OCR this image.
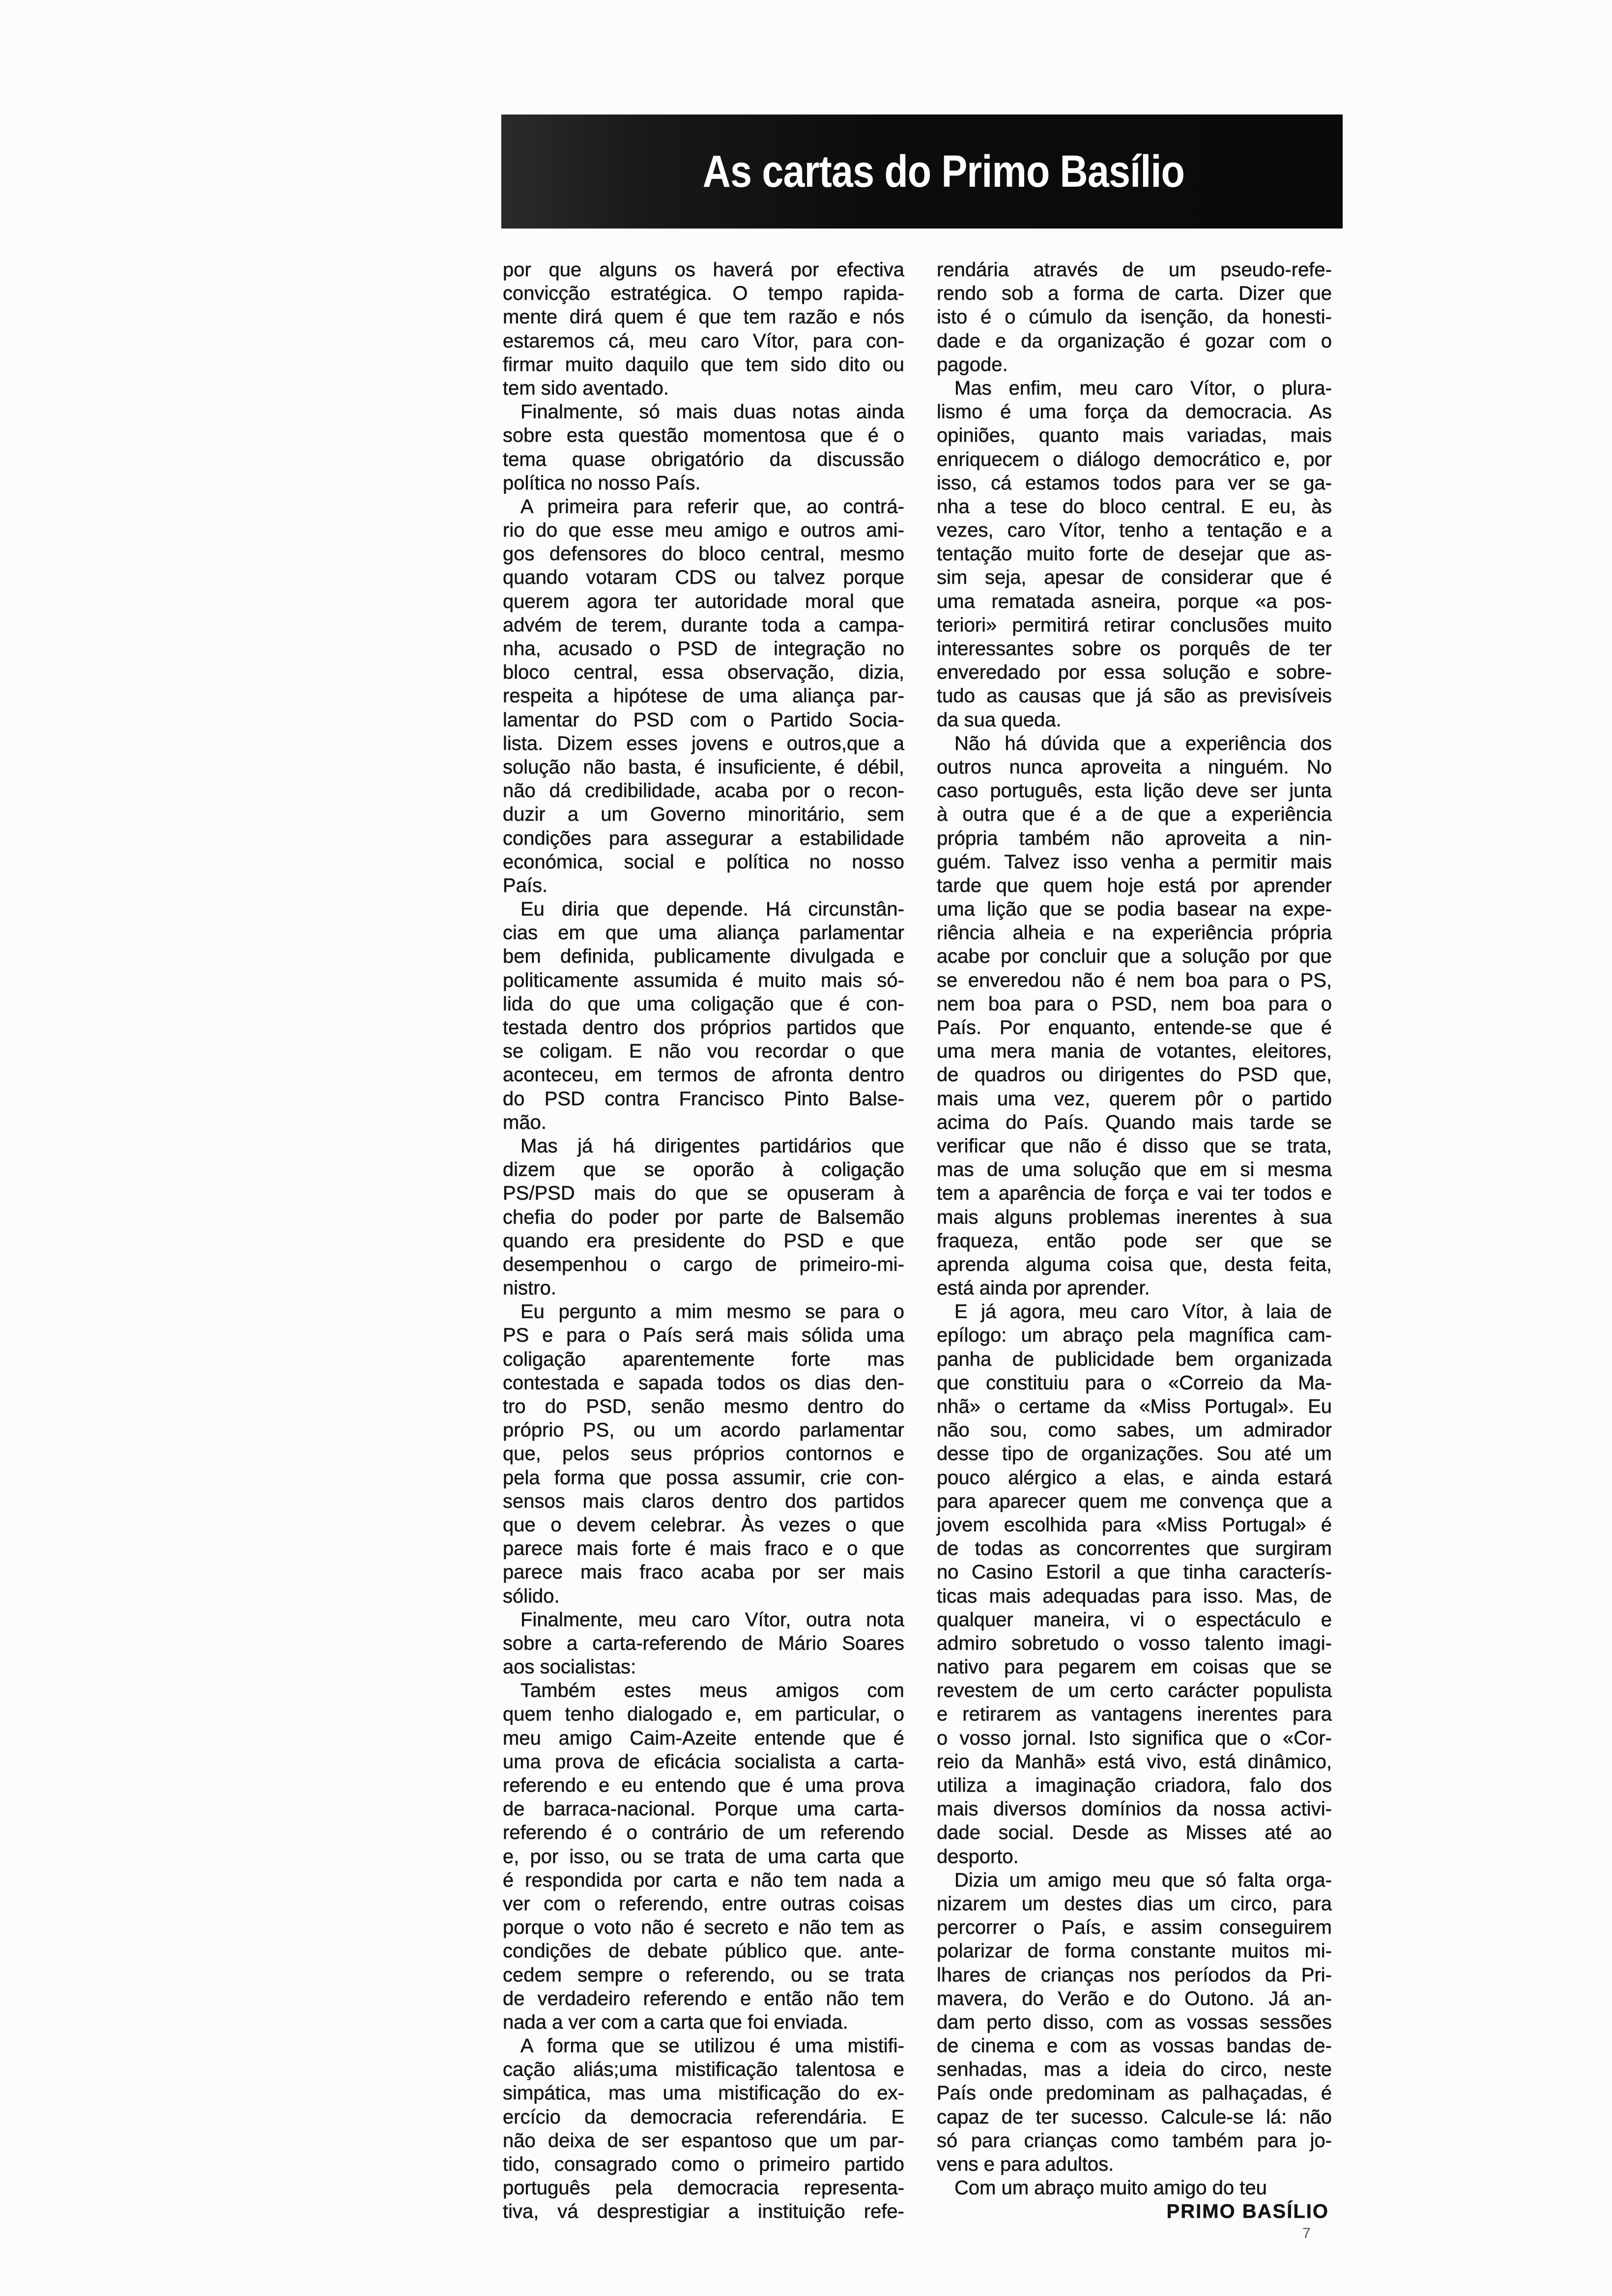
As cartas do Primo Basílio
por que alguns os haverá por efectiva
convicção estratégica. O tempo rapida-
mente dirá quem é que tem razão e nós
estaremos cá, meu caro Vítor, para con-
firmar muito daquilo que tem sido dito ou
tem sido aventado.
Finalmente, só mais duas notas ainda
sobre esta questão momentosa que é o
tema quase obrigatório da discussão
política no nosso País.
A primeira para referir que, ao contrá-
rio do que esse meu amigo e outros ami-
gos defensores do bloco central, mesmo
quando votaram CDS ou talvez porque
querem agora ter autoridade moral que
advém de terem, durante toda a campa-
nha, acusado o PSD de integração no
bloco central, essa observação, dizia,
respeita a hipótese de uma aliança par-
lamentar do PSD com o Partido Socia-
lista. Dizem esses jovens e outros,que a
solução não basta, é insuficiente, é débil,
não dá credibilidade, acaba por o recon-
duzir a um Governo minoritário, sem
condições para assegurar a estabilidade
económica, social e política no nosso
País.
Eu diria que depende. Há circunstân-
cias em que uma aliança parlamentar
bem definida, publicamente divulgada e
politicamente assumida é muito mais só-
lida do que uma coligação que é con-
testada dentro dos próprios partidos que
se coligam. E não vou recordar o que
aconteceu, em termos de afronta dentro
do PSD contra Francisco Pinto Balse-
mão.
Mas já há dirigentes partidários que
dizem que se oporão à coligação
PS/PSD mais do que se opuseram à
chefia do poder por parte de Balsemão
quando era presidente do PSD e que
desempenhou o cargo de primeiro-mi-
nistro.
Eu pergunto a mim mesmo se para o
PS e para o País será mais sólida uma
coligação aparentemente forte mas
contestada e sapada todos os dias den-
tro do PSD, senão mesmo dentro do
próprio PS, ou um acordo parlamentar
que, pelos seus próprios contornos e
pela forma que possa assumir, crie con-
sensos mais claros dentro dos partidos
que o devem celebrar. Às vezes o que
parece mais forte é mais fraco e o que
parece mais fraco acaba por ser mais
sólido.
Finalmente, meu caro Vítor, outra nota
sobre a carta-referendo de Mário Soares
aos socialistas:
Também estes meus amigos com
quem tenho dialogado e, em particular, o
meu amigo Caim-Azeite entende que é
uma prova de eficácia socialista a carta-
referendo e eu entendo que é uma prova
de barraca-nacional. Porque uma carta-
referendo é o contrário de um referendo
e, por isso, ou se trata de uma carta que
é respondida por carta e não tem nada a
ver com o referendo, entre outras coisas
porque o voto não é secreto e não tem as
condições de debate público que. ante-
cedem sempre o referendo, ou se trata
de verdadeiro referendo e então não tem
nada a ver com a carta que foi enviada.
A forma que se utilizou é uma mistifi-
cação aliás;uma mistificação talentosa e
simpática, mas uma mistificação do ex-
ercício da democracia referendária. E
não deixa de ser espantoso que um par-
tido, consagrado como o primeiro partido
português pela democracia representa-
tiva, vá desprestigiar a instituição refe-
rendária através de um pseudo-refe-
rendo sob a forma de carta. Dizer que
isto é o cúmulo da isenção, da honesti-
dade e da organização é gozar com o
pagode.
Mas enfim, meu caro Vítor, o plura-
lismo é uma força da democracia. As
opiniões, quanto mais variadas, mais
enriquecem o diálogo democrático e, por
isso, cá estamos todos para ver se ga-
nha a tese do bloco central. E eu, às
vezes, caro Vítor, tenho a tentação e a
tentação muito forte de desejar que as-
sim seja, apesar de considerar que é
uma rematada asneira, porque «a pos-
teriori» permitirá retirar conclusões muito
interessantes sobre os porquês de ter
enveredado por essa solução e sobre-
tudo as causas que já são as previsíveis
da sua queda.
Não há dúvida que a experiência dos
outros nunca aproveita a ninguém. No
caso português, esta lição deve ser junta
à outra que é a de que a experiência
própria também não aproveita a nin-
guém. Talvez isso venha a permitir mais
tarde que quem hoje está por aprender
uma lição que se podia basear na expe-
riência alheia e na experiência própria
acabe por concluir que a solução por que
se enveredou não é nem boa para o PS,
nem boa para o PSD, nem boa para o
País. Por enquanto, entende-se que é
uma mera mania de votantes, eleitores,
de quadros ou dirigentes do PSD que,
mais uma vez, querem pôr o partido
acima do País. Quando mais tarde se
verificar que não é disso que se trata,
mas de uma solução que em si mesma
tem a aparência de força e vai ter todos e
mais alguns problemas inerentes à sua
fraqueza, então pode ser que se
aprenda alguma coisa que, desta feita,
está ainda por aprender.
E já agora, meu caro Vítor, à laia de
epílogo: um abraço pela magnífica cam-
panha de publicidade bem organizada
que constituiu para o «Correio da Ma-
nhã» o certame da «Miss Portugal». Eu
não sou, como sabes, um admirador
desse tipo de organizações. Sou até um
pouco alérgico a elas, e ainda estará
para aparecer quem me convença que a
jovem escolhida para «Miss Portugal» é
de todas as concorrentes que surgiram
no Casino Estoril a que tinha caracterís-
ticas mais adequadas para isso. Mas, de
qualquer maneira, vi o espectáculo e
admiro sobretudo o vosso talento imagi-
nativo para pegarem em coisas que se
revestem de um certo carácter populista
e retirarem as vantagens inerentes para
o vosso jornal. Isto significa que o «Cor-
reio da Manhã» está vivo, está dinâmico,
utiliza a imaginação criadora, falo dos
mais diversos domínios da nossa activi-
dade social. Desde as Misses até ao
desporto.
Dizia um amigo meu que só falta orga-
nizarem um destes dias um circo, para
percorrer o País, e assim conseguirem
polarizar de forma constante muitos mi-
lhares de crianças nos períodos da Pri-
mavera, do Verão e do Outono. Já an-
dam perto disso, com as vossas sessões
de cinema e com as vossas bandas de-
senhadas, mas a ideia do circo, neste
País onde predominam as palhaçadas, é
capaz de ter sucesso. Calcule-se lá: não
só para crianças como também para jo-
vens e para adultos.
Com um abraço muito amigo do teu
PRIMO BASÍLIO
7
